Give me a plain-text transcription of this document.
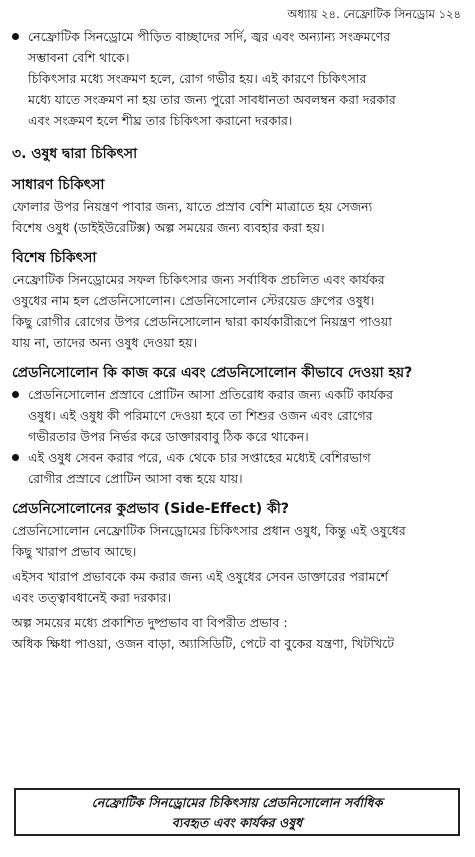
অধ্যায় ২৪. নেফ্রোটিক সিনড্রোম ১২৪

নেফ্রোটিক সিনড্রোমে পীড়িত বাচ্ছাদের সর্দি, জ্বর এবং অন্যান্য সংক্রমণের

সম্ভাবনা বেশি থাকে।

চিকিৎসার মধ্যে সংক্রমণ হলে, রোগ গভীর হয়। এই কারণে চিকিৎসার

মধ্যে যাতে সংক্রমণ না হয় তার জন্য পুরো সাবধানতা অবলম্বন করা দরকার

এবং সংক্রমণ হলে শীঘ্র তার চিকিৎসা করানো দরকার।

৩. ওষুধ দ্বারা চিকিৎসা

সাধারণ চিকিৎসা

ফোলার উপর নিয়ন্ত্রণ পাবার জন্য, যাতে প্রস্রাব বেশি মাত্রাতে হয় সেজন্য

বিশেষ ওষুধ (ডাইইউরেটিক্স) অল্প সময়ের জন্য ব্যবহার করা হয়।

বিশেষ চিকিৎসা

নেফ্রোটিক সিনড্রোমের সফল চিকিৎসার জন্য সর্বাধিক প্রচলিত এবং কার্যকর

ওষুধের নাম হল প্রেডনিসোলোন। প্রেডনিসোলোন স্টেরয়েড গ্রুপের ওষুধ।

কিছু রোগীর রোগের উপর প্রেডনিসোলোন দ্বারা কার্যকারীরূপে নিয়ন্ত্রণ পাওয়া

যায় না, তাদের অন্য ওষুধ দেওয়া হয়।

প্রেডনিসোলোন কি কাজ করে এবং প্রেডনিসোলোন কীভাবে দেওয়া হয়?

প্রেডনিসোলোন প্রস্রাবে প্রোটিন আসা প্রতিরোধ করার জন্য একটি কার্যকর

ওষুধ। এই ওষুধ কী পরিমাণে দেওয়া হবে তা শিশুর ওজন এবং রোগের

গভীরতার উপর নির্ভর করে ডাক্তারবাবু ঠিক করে থাকেন।

এই ওষুধ সেবন করার পরে, এক থেকে চার সপ্তাহের মধ্যেই বেশিরভাগ

রোগীর প্রস্রাবে প্রোটিন আসা বন্ধ হয়ে যায়।

প্রেডনিসোলোনের কুপ্রভাব (Side-Effect) কী?

প্রেডনিসোলোন নেফ্রোটিক সিনড্রোমের চিকিৎসার প্রধান ওষুধ, কিন্তু এই ওষুধের

কিছু খারাপ প্রভাব আছে।

এইসব খারাপ প্রভাবকে কম করার জন্য এই ওষুধের সেবন ডাক্তারের পরামর্শে

এবং তত্ত্বাবধানেই করা দরকার।

অল্প সময়ের মধ্যে প্রকাশিত দুষ্প্রভাব বা বিপরীত প্রভাব :

অধিক ক্ষিধা পাওয়া, ওজন বাড়া, অ্যাসিডিটি, পেটে বা বুকের যন্ত্রণা, খিটখিটে

নেফ্রোটিক সিনড্রোমের চিকিৎসায় প্রেডনিসোলোন সর্বাধিক
ব্যবহৃত এবং কার্যকর ওষুধ
